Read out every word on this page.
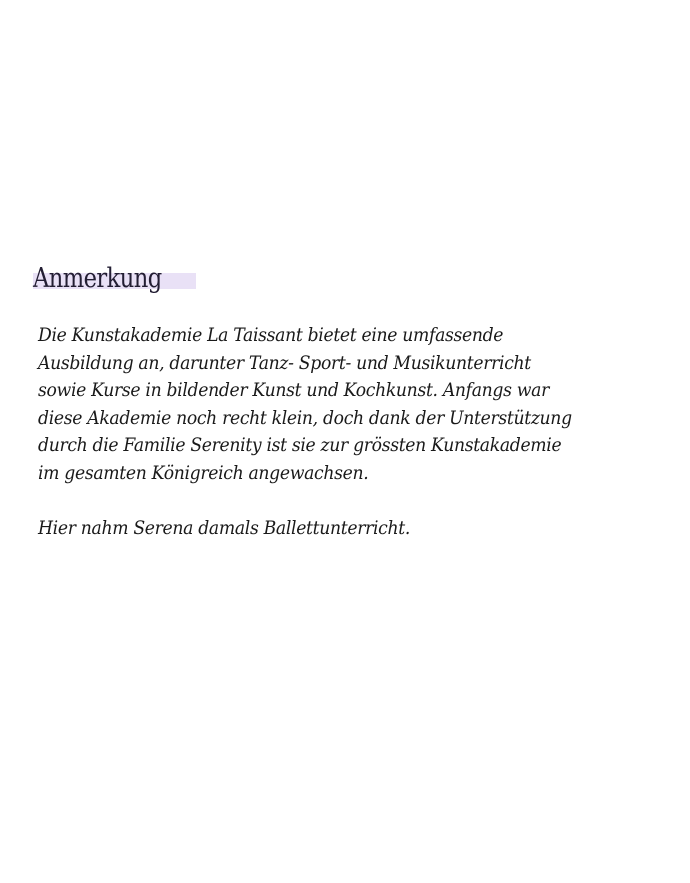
Anmerkung

Die Kunstakademie La Taissant bietet eine umfassende
Ausbildung an, darunter Tanz- Sport- und Musikunterricht
sowie Kurse in bildender Kunst und Kochkunst. Anfangs war
diese Akademie noch recht klein, doch dank der Unterstützung
durch die Familie Serenity ist sie zur grössten Kunstakademie
im gesamten Königreich angewachsen.

Hier nahm Serena damals Ballettunterricht.
